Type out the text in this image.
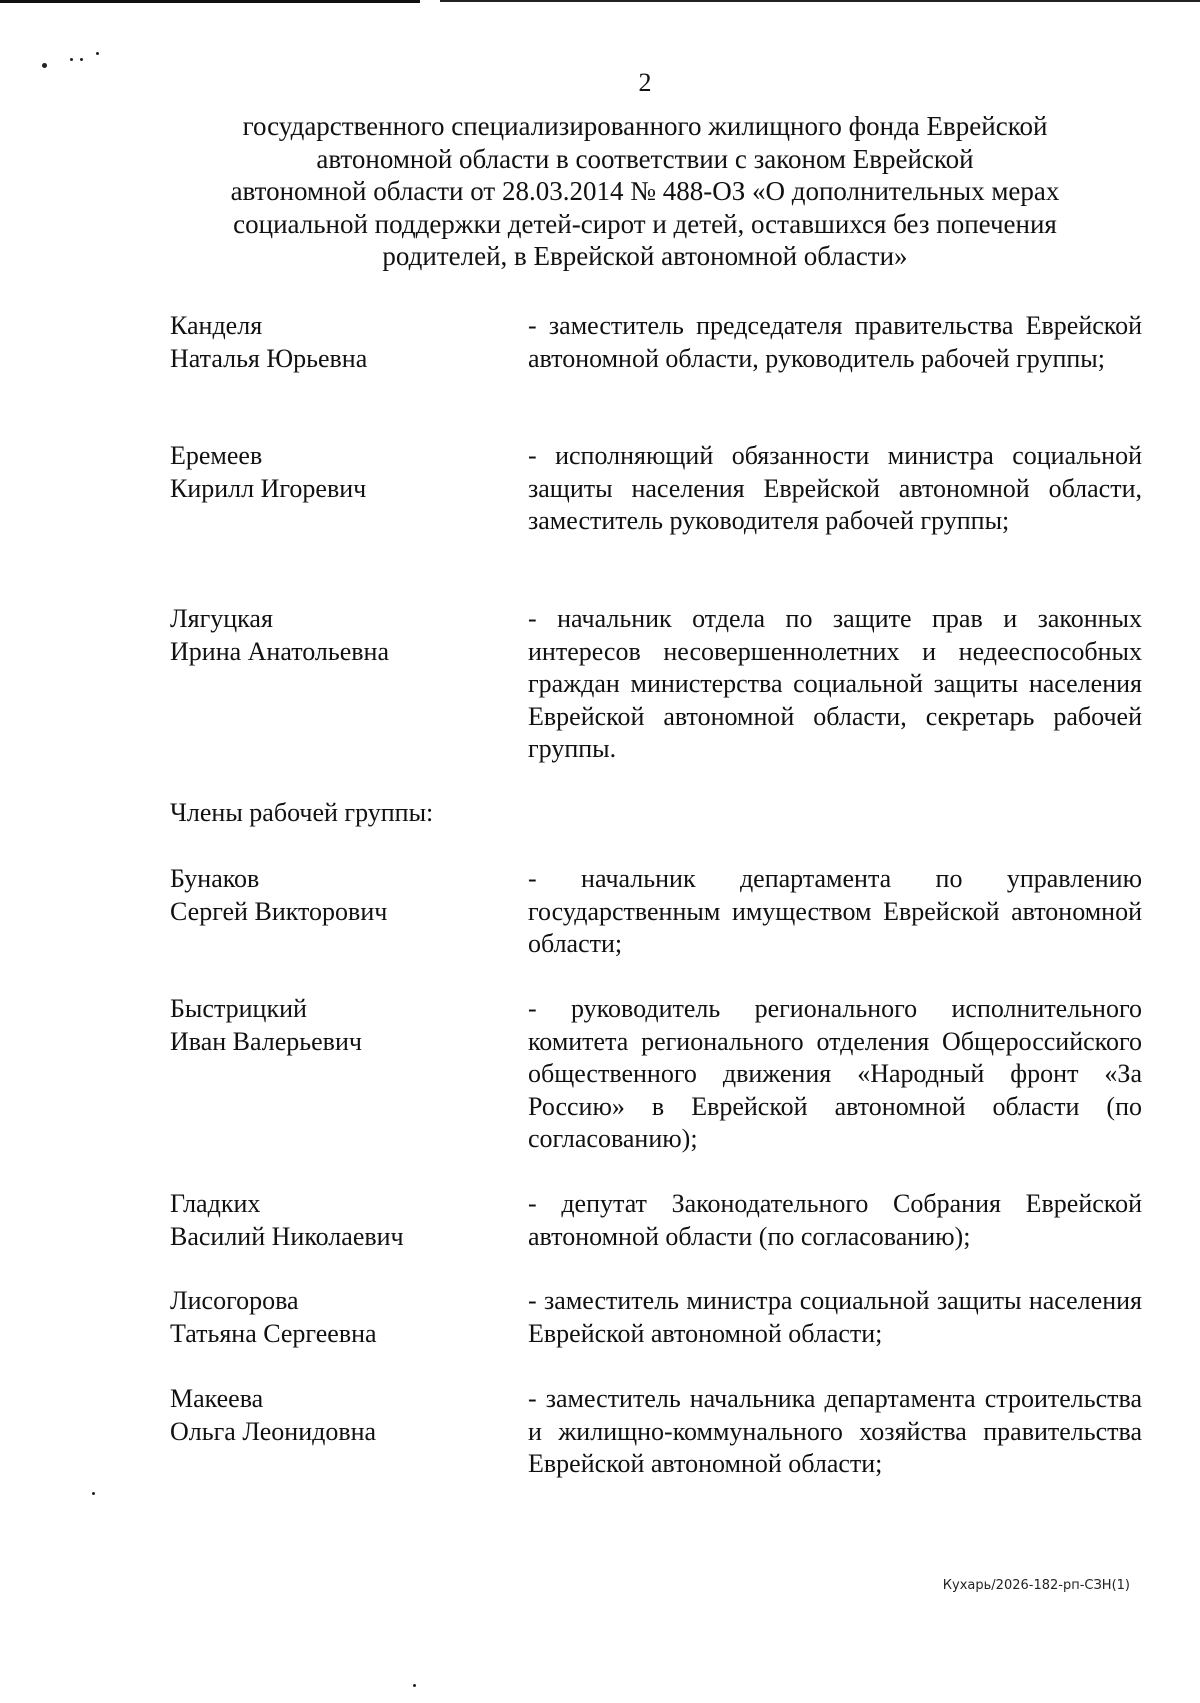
2
государственного специализированного жилищного фонда Еврейской
автономной области в соответствии с законом Еврейской
автономной области от 28.03.2014 № 488-ОЗ «О дополнительных мерах
социальной поддержки детей-сирот и детей, оставшихся без попечения
родителей, в Еврейской автономной области»
Канделя
Наталья Юрьевна
- заместитель председателя правительства Еврейской автономной области, руководитель рабочей группы;
Еремеев
Кирилл Игоревич
- исполняющий обязанности министра социальной защиты населения Еврейской автономной области, заместитель руководителя рабочей группы;
Лягуцкая
Ирина Анатольевна
- начальник отдела по защите прав и законных интересов несовершеннолетних и недееспособных граждан министерства социальной защиты населения Еврейской автономной области, секретарь рабочей группы.
Бунаков
Сергей Викторович
- начальник департамента по управлению государственным имуществом Еврейской автономной области;
Быстрицкий
Иван Валерьевич
- руководитель регионального исполнительного комитета регионального отделения Общероссийского общественного движения «Народный фронт «За Россию» в Еврейской автономной области (по согласованию);
Гладких
Василий Николаевич
- депутат Законодательного Собрания Еврейской автономной области (по согласованию);
Лисогорова
Татьяна Сергеевна
- заместитель министра социальной защиты населения Еврейской автономной области;
Макеева
Ольга Леонидовна
- заместитель начальника департамента строительства и жилищно-коммунального хозяйства правительства Еврейской автономной области;
Члены рабочей группы:
Кухарь/2026-182-рп-СЗН(1)
